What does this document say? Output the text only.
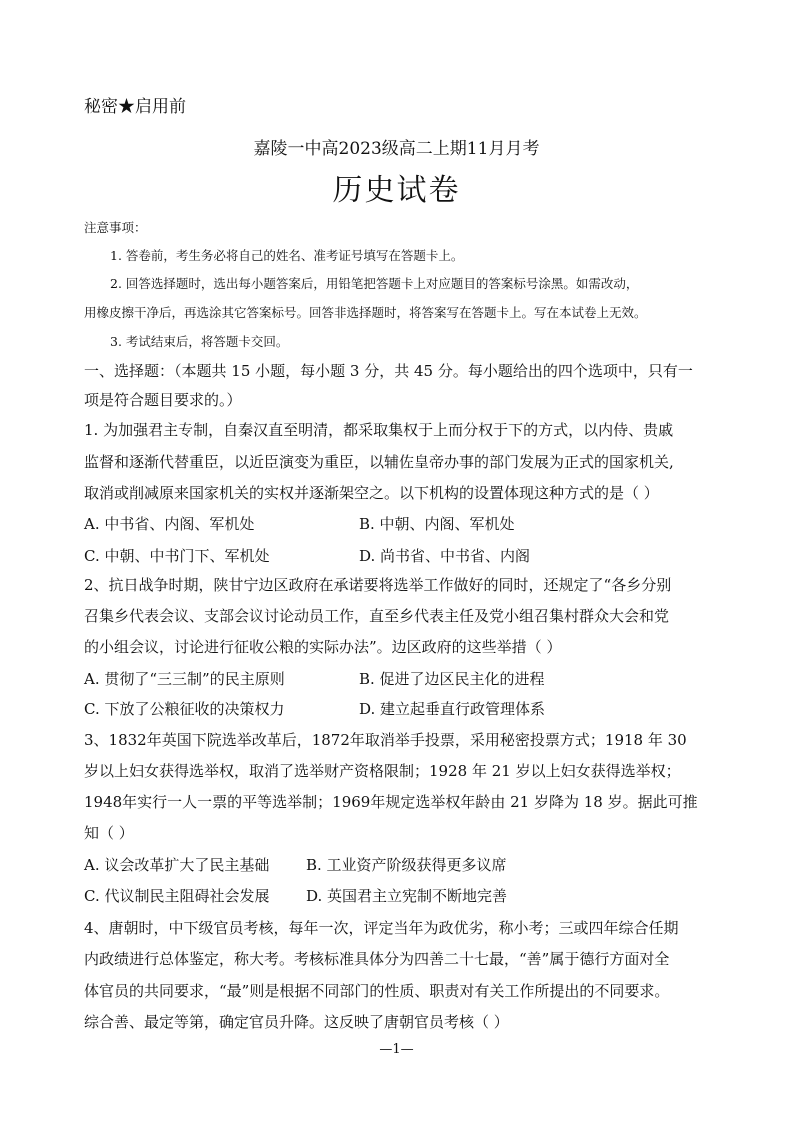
秘密★启用前
嘉陵一中高2023级高二上期11月月考
历史试卷
注意事项：
1. 答卷前，考生务必将自己的姓名、准考证号填写在答题卡上。
2. 回答选择题时，选出每小题答案后，用铅笔把答题卡上对应题目的答案标号涂黑。如需改动，
用橡皮擦干净后，再选涂其它答案标号。回答非选择题时，将答案写在答题卡上。写在本试卷上无效。
3. 考试结束后，将答题卡交回。
一、选择题：（本题共 15 小题，每小题 3 分，共 45 分。每小题给出的四个选项中，只有一
项是符合题目要求的。）
1. 为加强君主专制，自秦汉直至明清，都采取集权于上而分权于下的方式，以内侍、贵戚
监督和逐渐代替重臣，以近臣演变为重臣，以辅佐皇帝办事的部门发展为正式的国家机关,
取消或削减原来国家机关的实权并逐渐架空之。以下机构的设置体现这种方式的是（ ）
A. 中书省、内阁、军机处	B. 中朝、内阁、军机处
C. 中朝、中书门下、军机处	D. 尚书省、中书省、内阁
2、抗日战争时期，陕甘宁边区政府在承诺要将选举工作做好的同时，还规定了“各乡分别
召集乡代表会议、支部会议讨论动员工作，直至乡代表主任及党小组召集村群众大会和党
的小组会议，讨论进行征收公粮的实际办法”。边区政府的这些举措（ ）
A. 贯彻了“三三制”的民主原则	B. 促进了边区民主化的进程
C. 下放了公粮征收的决策权力	D. 建立起垂直行政管理体系
3、1832年英国下院选举改革后，1872年取消举手投票，采用秘密投票方式；1918 年 30
岁以上妇女获得选举权，取消了选举财产资格限制；1928 年 21 岁以上妇女获得选举权；
1948年实行一人一票的平等选举制；1969年规定选举权年龄由 21 岁降为 18 岁。据此可推
知（ ）
A. 议会改革扩大了民主基础 B. 工业资产阶级获得更多议席
C. 代议制民主阻碍社会发展 D. 英国君主立宪制不断地完善
4、唐朝时，中下级官员考核，每年一次，评定当年为政优劣，称小考；三或四年综合任期
内政绩进行总体鉴定，称大考。考核标准具体分为四善二十七最，“善”属于德行方面对全
体官员的共同要求，“最”则是根据不同部门的性质、职责对有关工作所提出的不同要求。
综合善、最定等第，确定官员升降。这反映了唐朝官员考核（ ）
—1—
